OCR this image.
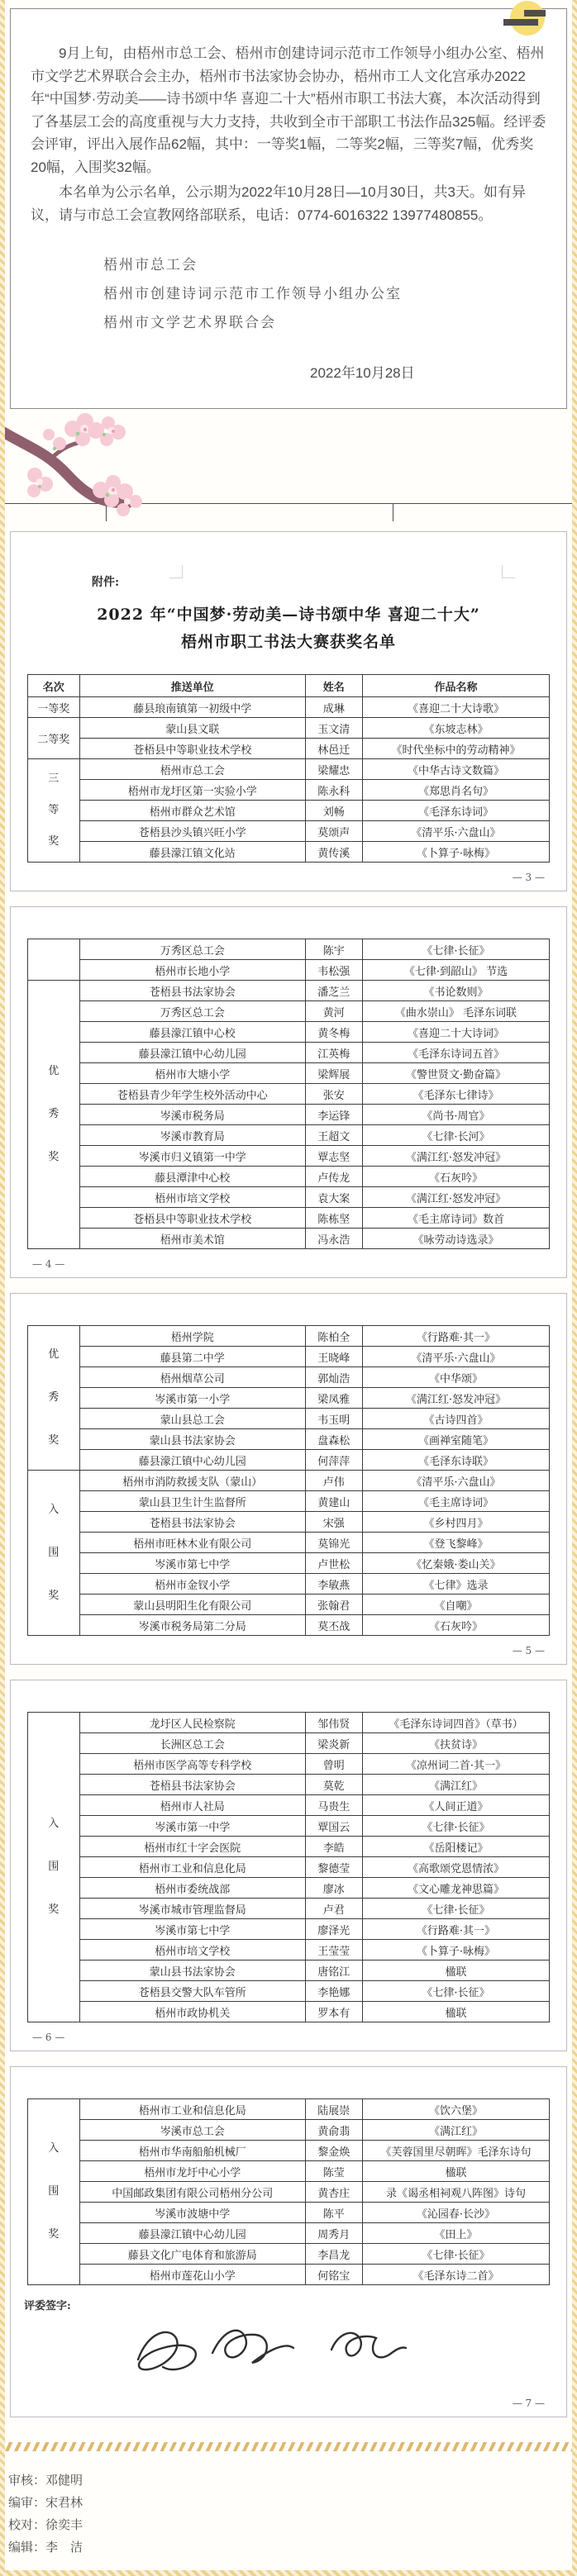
9月上旬，由梧州市总工会、梧州市创建诗词示范市工作领导小组办公室、梧州市文学艺术界联合会主办，梧州市书法家协会协办，梧州市工人文化宫承办2022年“中国梦·劳动美——诗书颂中华 喜迎二十大”梧州市职工书法大赛，本次活动得到了各基层工会的高度重视与大力支持，共收到全市干部职工书法作品325幅。经评委会评审，评出入展作品62幅，其中：一等奖1幅，二等奖2幅，三等奖7幅，优秀奖20幅，入围奖32幅。

本名单为公示名单，公示期为2022年10月28日—10月30日，共3天。如有异议，请与市总工会宣教网络部联系，电话：0774-6016322 13977480855。

梧州市总工会
梧州市创建诗词示范市工作领导小组办公室
梧州市文学艺术界联合会
2022年10月28日
附件:
2022 年“中国梦·劳动美—诗书颂中华 喜迎二十大”
梧州市职工书法大赛获奖名单
名次	推送单位	姓名	作品名称
一等奖	藤县琅南镇第一初级中学	成琳	《喜迎二十大诗歌》
二等奖	蒙山县文联	玉文清	《东坡志林》
	苍梧县中等职业技术学校	林邑迁	《时代坐标中的劳动精神》
三
等
奖	梧州市总工会	梁耀忠	《中华古诗文数篇》
	梧州市龙圩区第一实验小学	陈永科	《郑思肖名句》
	梧州市群众艺术馆	刘畅	《毛泽东诗词》
	苍梧县沙头镇兴旺小学	莫颂声	《清平乐·六盘山》
	藤县濛江镇文化站	黄传溪	《卜算子·咏梅》
— 3 —
	万秀区总工会	陈宇	《七律·长征》
	梧州市长地小学	韦松强	《七律·到韶山》 节选
优
秀
奖	苍梧县书法家协会	潘芝兰	《书论数则》
	万秀区总工会	黄河	《曲水崇山》 毛泽东词联
	藤县濛江镇中心校	黄冬梅	《喜迎二十大诗词》
	藤县濛江镇中心幼儿园	江英梅	《毛泽东诗词五首》
	梧州市大塘小学	梁辉展	《警世贤文·勤奋篇》
	苍梧县青少年学生校外活动中心	张安	《毛泽东七律诗》
	岑溪市税务局	李运锋	《尚书·周官》
	岑溪市教育局	王超文	《七律·长河》
	岑溪市归义镇第一中学	覃志坚	《满江红·怒发冲冠》
	藤县潭津中心校	卢传龙	《石灰吟》
	梧州市培文学校	袁大案	《满江红·怒发冲冠》
	苍梧县中等职业技术学校	陈栋坚	《毛主席诗词》数首
	梧州市美术馆	冯永浩	《咏劳动诗选录》
— 4 —
优
秀
奖	梧州学院	陈柏全	《行路难·其一》
	藤县第二中学	王晓峰	《清平乐·六盘山》
	梧州烟草公司	郭灿浩	《中华颂》
	岑溪市第一小学	梁凤雅	《满江红·怒发冲冠》
	蒙山县总工会	韦玉明	《古诗四首》
	蒙山县书法家协会	盘森松	《画禅室随笔》
	藤县濛江镇中心幼儿园	何萍萍	《毛泽东诗联》
入
围
奖	梧州市消防救援支队（蒙山）	卢伟	《清平乐·六盘山》
	蒙山县卫生计生监督所	黄建山	《毛主席诗词》
	苍梧县书法家协会	宋强	《乡村四月》
	梧州市旺林木业有限公司	莫锦光	《登飞黎峰》
	岑溪市第七中学	卢世松	《忆秦娥·娄山关》
	梧州市金钗小学	李敏燕	《七律》选录
	蒙山县明阳生化有限公司	张翰君	《自嘲》
	岑溪市税务局第二分局	莫丕战	《石灰吟》
— 5 —
入
围
奖	龙圩区人民检察院	邹伟贤	《毛泽东诗词四首》（草书）
	长洲区总工会	梁炎新	《扶贫诗》
	梧州市医学高等专科学校	曾明	《凉州词二首·其一》
	苍梧县书法家协会	莫乾	《满江红》
	梧州市人社局	马贵生	《人间正道》
	岑溪市第一中学	覃国云	《七律·长征》
	梧州市红十字会医院	李皓	《岳阳楼记》
	梧州市工业和信息化局	黎德莹	《高歌颂党恩情浓》
	梧州市委统战部	廖冰	《文心雕龙神思篇》
	岑溪市城市管理监督局	卢君	《七律·长征》
	岑溪市第七中学	廖泽光	《行路难·其一》
	梧州市培文学校	王莹莹	《卜算子·咏梅》
	蒙山县书法家协会	唐铭江	楹联
	苍梧县交警大队车管所	李艳娜	《七律·长征》
	梧州市政协机关	罗本有	楹联
— 6 —
入
围
奖	梧州市工业和信息化局	陆展崇	《饮六堡》
	岑溪市总工会	黄俞翡	《满江红》
	梧州市华南船舶机械厂	黎金焕	《芙蓉国里尽朝晖》毛泽东诗句
	梧州市龙圩中心小学	陈莹	楹联
	中国邮政集团有限公司梧州分公司	黄杏庄	录《谒丞相祠观八阵图》诗句
	岑溪市波塘中学	陈平	《沁园春·长沙》
	藤县濛江镇中心幼儿园	周秀月	《田上》
	藤县文化广电体育和旅游局	李昌龙	《七律·长征》
	梧州市莲花山小学	何铭宝	《毛泽东诗二首》
评委签字:
— 7 —
审核：邓健明
编审：宋君林
校对：徐奕丰
编辑：李　洁
